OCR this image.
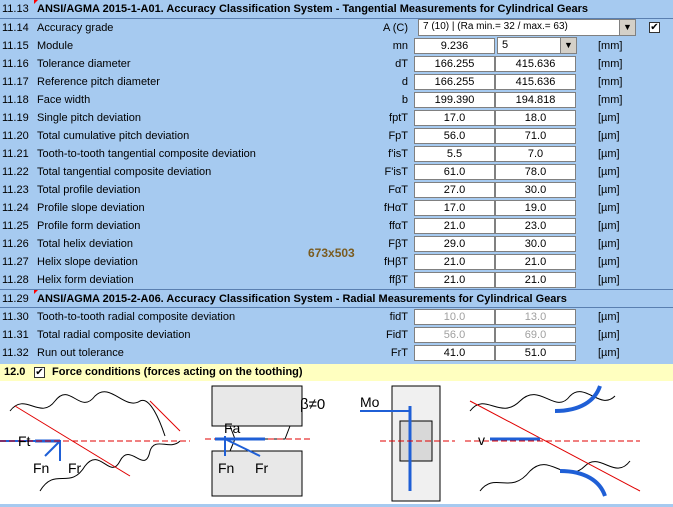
11.13 ANSI/AGMA 2015-1-A01. Accuracy Classification System - Tangential Measurements for Cylindrical Gears
11.14 Accuracy grade	A (C) 7 (10) | (Ra min.= 32 / max.= 63)	▼	✔
11.15 Module	mn	9.236	5	▼ [mm]
11.16 Tolerance diameter	dT	166.255	415.636	[mm]
11.17 Reference pitch diameter	d	166.255	415.636	[mm]
11.18 Face width	b	199.390	194.818	[mm]
11.19 Single pitch deviation	fptT	17.0	18.0	[µm]
11.20 Total cumulative pitch deviation	FpT	56.0	71.0	[µm]
11.21 Tooth-to-tooth tangential composite deviation	f'isT	5.5	7.0	[µm]
11.22 Total tangential composite deviation	F'isT	61.0	78.0	[µm]
11.23 Total profile deviation	FαT	27.0	30.0	[µm]
11.24 Profile slope deviation	fHαT	17.0	19.0	[µm]
11.25 Profile form deviation	ffαT	21.0	23.0	[µm]
11.26 Total helix deviation	FβT	29.0	30.0	[µm]
11.27 Helix slope deviation	fHβT	21.0	21.0	[µm]
11.28 Helix form deviation	ffβT	21.0	21.0	[µm]
11.29 ANSI/AGMA 2015-2-A06. Accuracy Classification System - Radial Measurements for Cylindrical Gears
11.30 Tooth-to-tooth radial composite deviation	fidT	10.0	13.0	[µm]
11.31 Total radial composite deviation	FidT	56.0	69.0	[µm]
11.32 Run out tolerance	FrT	41.0	51.0	[µm]
673x503
12.0 ✔ Force conditions (forces acting on the toothing)
Ft
Fn Fr
Fa
Fn Fr
β≠0 Mo
v
